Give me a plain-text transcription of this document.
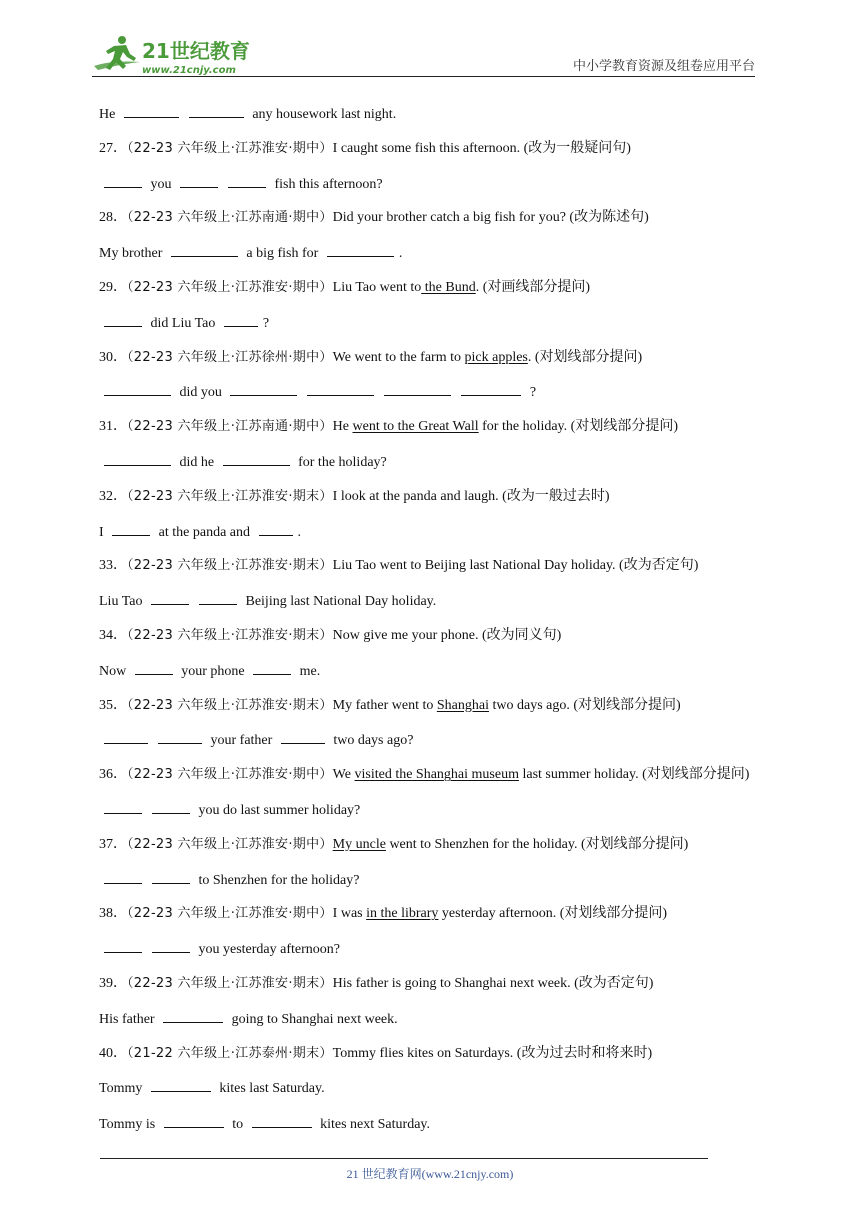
21世纪教育
www.21cnjy.com	中小学教育资源及组卷应用平台
He	any housework last night.
27．（22-23 六年级上·江苏淮安·期中）I caught some fish this afternoon. (改为一般疑问句)
you	fish this afternoon?
28．（22-23 六年级上·江苏南通·期中）Did your brother catch a big fish for you? (改为陈述句)
My brother	a big fish for	.
29．（22-23 六年级上·江苏淮安·期中）Liu Tao went to the Bund. (对画线部分提问)
did Liu Tao	?
30．（22-23 六年级上·江苏徐州·期中）We went to the farm to pick apples. (对划线部分提问)
did you	?
31．（22-23 六年级上·江苏南通·期中）He went to the Great Wall for the holiday. (对划线部分提问)
did he	for the holiday?
32．（22-23 六年级上·江苏淮安·期末）I look at the panda and laugh. (改为一般过去时)
I	at the panda and	.
33．（22-23 六年级上·江苏淮安·期末）Liu Tao went to Beijing last National Day holiday. (改为否定句)
Liu Tao	Beijing last National Day holiday.
34．（22-23 六年级上·江苏淮安·期末）Now give me your phone. (改为同义句)
Now	your phone	me.
35．（22-23 六年级上·江苏淮安·期末）My father went to Shanghai two days ago. (对划线部分提问)
your father	two days ago?
36．（22-23 六年级上·江苏淮安·期中）We visited the Shanghai museum last summer holiday. (对划线部分提问)
you do last summer holiday?
37．（22-23 六年级上·江苏淮安·期中）My uncle went to Shenzhen for the holiday. (对划线部分提问)
to Shenzhen for the holiday?
38．（22-23 六年级上·江苏淮安·期中）I was in the library yesterday afternoon. (对划线部分提问)
you yesterday afternoon?
39．（22-23 六年级上·江苏淮安·期末）His father is going to Shanghai next week. (改为否定句)
His father	going to Shanghai next week.
40．（21-22 六年级上·江苏泰州·期末）Tommy flies kites on Saturdays. (改为过去时和将来时)
Tommy	kites last Saturday.
Tommy is	to	kites next Saturday.
21 世纪教育网(www.21cnjy.com)
